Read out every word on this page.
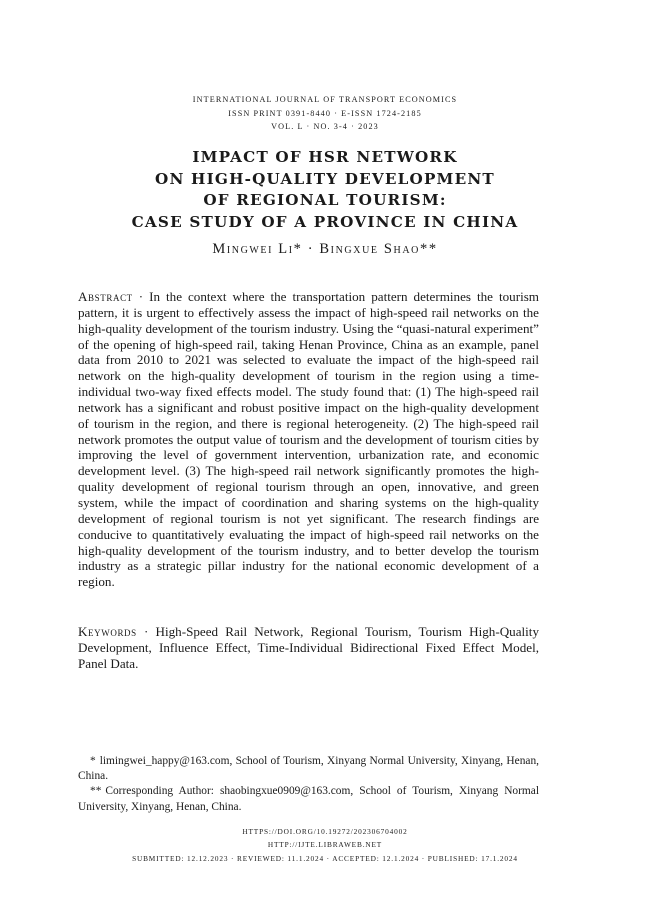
INTERNATIONAL JOURNAL OF TRANSPORT ECONOMICS
ISSN PRINT 0391-8440 · E-ISSN 1724-2185
VOL. L · NO. 3-4 · 2023
IMPACT OF HSR NETWORK
ON HIGH-QUALITY DEVELOPMENT
OF REGIONAL TOURISM:
CASE STUDY OF A PROVINCE IN CHINA
Mingwei Li* · Bingxue Shao**
Abstract · In the context where the transportation pattern determines the tourism pattern, it is urgent to effectively assess the impact of high-speed rail networks on the high-quality development of the tourism industry. Using the “quasi-natural experiment” of the opening of high-speed rail, taking Henan Province, China as an example, panel data from 2010 to 2021 was selected to evaluate the impact of the high-speed rail network on the high-quality development of tourism in the region using a time-individual two-way fixed effects model. The study found that: (1) The high-speed rail network has a significant and robust positive impact on the high-quality development of tourism in the region, and there is regional heterogeneity. (2) The high-speed rail network promotes the output value of tourism and the development of tourism cities by improving the level of government intervention, urbanization rate, and economic development level. (3) The high-speed rail network significantly promotes the high-quality development of regional tourism through an open, innovative, and green system, while the impact of coordination and sharing systems on the high-quality development of regional tourism is not yet significant. The research findings are conducive to quantitatively evaluating the impact of high-speed rail networks on the high-quality development of the tourism industry, and to better develop the tourism industry as a strategic pillar industry for the national economic development of a region.
Keywords · High-Speed Rail Network, Regional Tourism, Tourism High-Quality Development, Influence Effect, Time-Individual Bidirectional Fixed Effect Model, Panel Data.

* limingwei_happy@163.com, School of Tourism, Xinyang Normal University, Xinyang, Henan, China.

** Corresponding Author: shaobingxue0909@163.com, School of Tourism, Xinyang Normal University, Xinyang, Henan, China.

HTTPS://DOI.ORG/10.19272/202306704002
HTTP://IJTE.LIBRAWEB.NET
SUBMITTED: 12.12.2023 · REVIEWED: 11.1.2024 · ACCEPTED: 12.1.2024 · PUBLISHED: 17.1.2024
